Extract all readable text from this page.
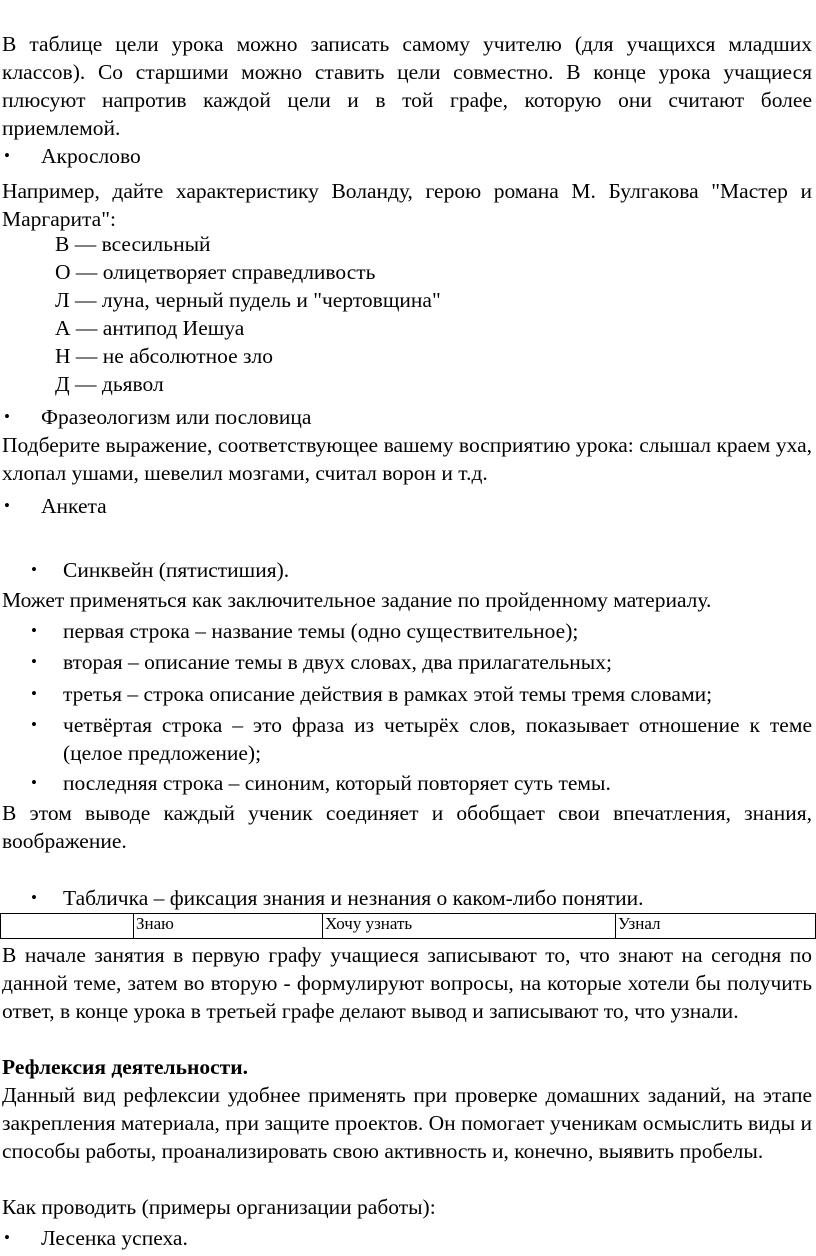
В таблице цели урока можно записать самому учителю (для учащихся младших классов). Со старшими можно ставить цели совместно. В конце урока учащиеся плюсуют напротив каждой цели и в той графе, которую они считают более приемлемой.
• Акрослово
Например, дайте характеристику Воланду, герою романа М. Булгакова "Мастер и Маргарита":
В — всесильный
О — олицетворяет справедливость
Л — луна, черный пудель и "чертовщина"
А — антипод Иешуа
Н — не абсолютное зло
Д — дьявол
• Фразеологизм или пословица
Подберите выражение, соответствующее вашему восприятию урока: слышал краем уха, хлопал ушами, шевелил мозгами, считал ворон и т.д.
• Анкета
• Синквейн (пятистишия).
Может применяться как заключительное задание по пройденному материалу.
• первая строка – название темы (одно существительное);
• вторая – описание темы в двух словах, два прилагательных;
• третья – строка описание действия в рамках этой темы тремя словами;
• четвёртая строка – это фраза из четырёх слов, показывает отношение к теме (целое предложение);
• последняя строка – синоним, который повторяет суть темы.
В этом выводе каждый ученик соединяет и обобщает свои впечатления, знания, воображение.
• Табличка – фиксация знания и незнания о каком-либо понятии.
	Знаю	Хочу узнать	Узнал
В начале занятия в первую графу учащиеся записывают то, что знают на сегодня по данной теме, затем во вторую - формулируют вопросы, на которые хотели бы получить ответ, в конце урока в третьей графе делают вывод и записывают то, что узнали.
Рефлексия деятельности.
Данный вид рефлексии удобнее применять при проверке домашних заданий, на этапе закрепления материала, при защите проектов. Он помогает ученикам осмыслить виды и способы работы, проанализировать свою активность и, конечно, выявить пробелы.
Как проводить (примеры организации работы):
• Лесенка успеха.
